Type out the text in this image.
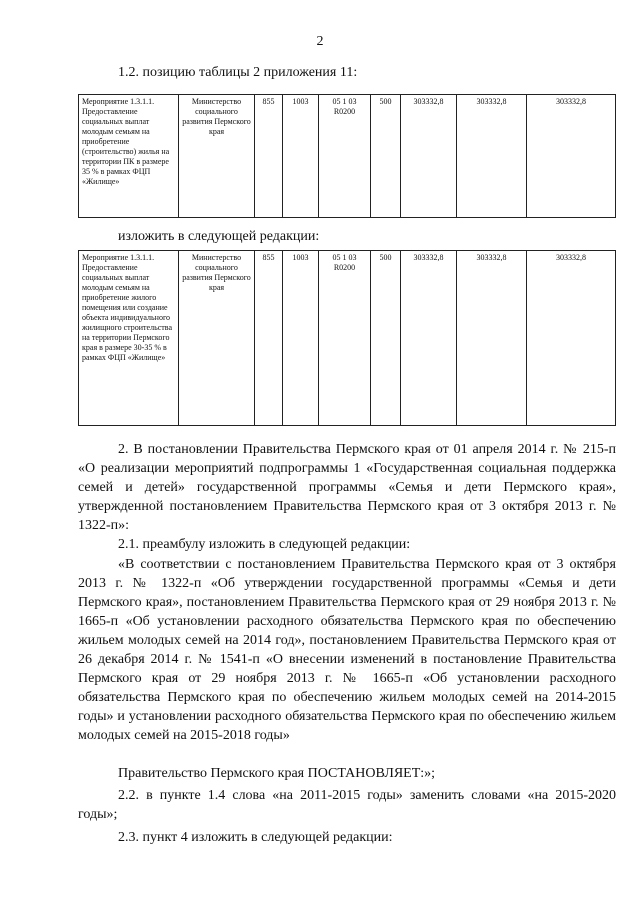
2
1.2. позицию таблицы 2 приложения 11:
Мероприятие 1.3.1.1. Предоставление социальных выплат молодым семьям на приобретение (строительство) жилья на территории ПК в размере 35 % в рамках ФЦП «Жилище»	Министерство социального развития Пермского края	855	1003	05 1 03 R0200	500	303332,8	303332,8	303332,8
изложить в следующей редакции:
Мероприятие 1.3.1.1. Предоставление социальных выплат молодым семьям на приобретение жилого помещения или создание объекта индивидуального жилищного строительства на территории Пермского края в размере 30-35 % в рамках ФЦП «Жилище»	Министерство социального развития Пермского края	855	1003	05 1 03 R0200	500	303332,8	303332,8	303332,8
2. В постановлении Правительства Пермского края от 01 апреля 2014 г. № 215-п «О реализации мероприятий подпрограммы 1 «Государственная социальная поддержка семей и детей» государственной программы «Семья и дети Пермского края», утвержденной постановлением Правительства Пермского края от 3 октября 2013 г. № 1322-п»:
2.1. преамбулу изложить в следующей редакции:
«В соответствии с постановлением Правительства Пермского края от 3 октября 2013 г. № 1322-п «Об утверждении государственной программы «Семья и дети Пермского края», постановлением Правительства Пермского края от 29 ноября 2013 г. № 1665-п «Об установлении расходного обязательства Пермского края по обеспечению жильем молодых семей на 2014 год», постановлением Правительства Пермского края от 26 декабря 2014 г. № 1541-п «О внесении изменений в постановление Правительства Пермского края от 29 ноября 2013 г. № 1665-п «Об установлении расходного обязательства Пермского края по обеспечению жильем молодых семей на 2014-2015 годы» и установлении расходного обязательства Пермского края по обеспечению жильем молодых семей на 2015-2018 годы»
Правительство Пермского края ПОСТАНОВЛЯЕТ:»;
2.2. в пункте 1.4 слова «на 2011-2015 годы» заменить словами «на 2015-2020 годы»;
2.3. пункт 4 изложить в следующей редакции:
